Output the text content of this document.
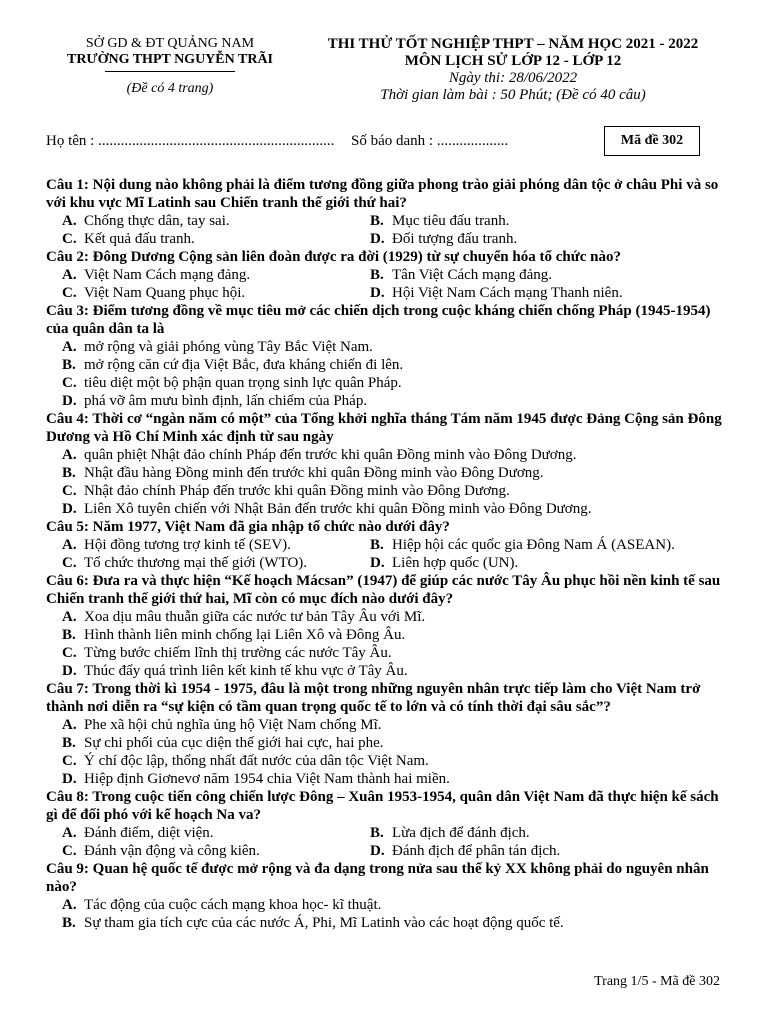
SỞ GD & ĐT QUẢNG NAM
TRƯỜNG THPT NGUYỄN TRÃI
(Đề có 4 trang)
THI THỬ TỐT NGHIỆP THPT – NĂM HỌC 2021 - 2022
MÔN LỊCH SỬ LỚP 12 - LỚP 12
Ngày thi: 28/06/2022
Thời gian làm bài : 50 Phút; (Đề có 40 câu)
Họ tên : ............................................................... Số báo danh : ...................	Mã đề 302
Câu 1: Nội dung nào không phải là điểm tương đồng giữa phong trào giải phóng dân tộc ở châu Phi và so với khu vực Mĩ Latinh sau Chiến tranh thế giới thứ hai?
A. Chống thực dân, tay sai.	B. Mục tiêu đấu tranh.
C. Kết quả đấu tranh.	D. Đối tượng đấu tranh.
Câu 2: Đông Dương Cộng sản liên đoàn được ra đời (1929) từ sự chuyển hóa tổ chức nào?
A. Việt Nam Cách mạng đảng.	B. Tân Việt Cách mạng đảng.
C. Việt Nam Quang phục hội.	D. Hội Việt Nam Cách mạng Thanh niên.
Câu 3: Điểm tương đồng về mục tiêu mở các chiến dịch trong cuộc kháng chiến chống Pháp (1945-1954) của quân dân ta là
A. mở rộng và giải phóng vùng Tây Bắc Việt Nam.
B. mở rộng căn cứ địa Việt Bắc, đưa kháng chiến đi lên.
C. tiêu diệt một bộ phận quan trọng sinh lực quân Pháp.
D. phá vỡ âm mưu bình định, lấn chiếm của Pháp.
Câu 4: Thời cơ “ngàn năm có một” của Tổng khởi nghĩa tháng Tám năm 1945 được Đảng Cộng sản Đông Dương và Hồ Chí Minh xác định từ sau ngày
A. quân phiệt Nhật đảo chính Pháp đến trước khi quân Đồng minh vào Đông Dương.
B. Nhật đầu hàng Đồng minh đến trước khi quân Đồng minh vào Đông Dương.
C. Nhật đảo chính Pháp đến trước khi quân Đồng minh vào Đông Dương.
D. Liên Xô tuyên chiến với Nhật Bản đến trước khi quân Đồng minh vào Đông Dương.
Câu 5: Năm 1977, Việt Nam đã gia nhập tổ chức nào dưới đây?
A. Hội đồng tương trợ kinh tế (SEV).	B. Hiệp hội các quốc gia Đông Nam Á (ASEAN).
C. Tổ chức thương mại thế giới (WTO).	D. Liên hợp quốc (UN).
Câu 6: Đưa ra và thực hiện “Kế hoạch Mácsan” (1947) để giúp các nước Tây Âu phục hồi nền kinh tế sau Chiến tranh thế giới thứ hai, Mĩ còn có mục đích nào dưới đây?
A. Xoa dịu mâu thuẫn giữa các nước tư bản Tây Âu với Mĩ.
B. Hình thành liên minh chống lại Liên Xô và Đông Âu.
C. Từng bước chiếm lĩnh thị trường các nước Tây Âu.
D. Thúc đẩy quá trình liên kết kinh tế khu vực ở Tây Âu.
Câu 7: Trong thời kì 1954 - 1975, đâu là một trong những nguyên nhân trực tiếp làm cho Việt Nam trở thành nơi diễn ra “sự kiện có tầm quan trọng quốc tế to lớn và có tính thời đại sâu sắc”?
A. Phe xã hội chủ nghĩa ủng hộ Việt Nam chống Mĩ.
B. Sự chi phối của cục diện thế giới hai cực, hai phe.
C. Ý chí độc lập, thống nhất đất nước của dân tộc Việt Nam.
D. Hiệp định Giơnevơ năm 1954 chia Việt Nam thành hai miền.
Câu 8: Trong cuộc tiến công chiến lược Đông – Xuân 1953-1954, quân dân Việt Nam đã thực hiện kế sách gì để đối phó với kế hoạch Na va?
A. Đánh điểm, diệt viện.	B. Lừa địch để đánh địch.
C. Đánh vận động và công kiên.	D. Đánh địch để phân tán địch.
Câu 9: Quan hệ quốc tế được mở rộng và đa dạng trong nửa sau thế kỷ XX không phải do nguyên nhân nào?
A. Tác động của cuộc cách mạng khoa học- kĩ thuật.
B. Sự tham gia tích cực của các nước Á, Phi, Mĩ Latinh vào các hoạt động quốc tế.
Trang 1/5 - Mã đề 302
